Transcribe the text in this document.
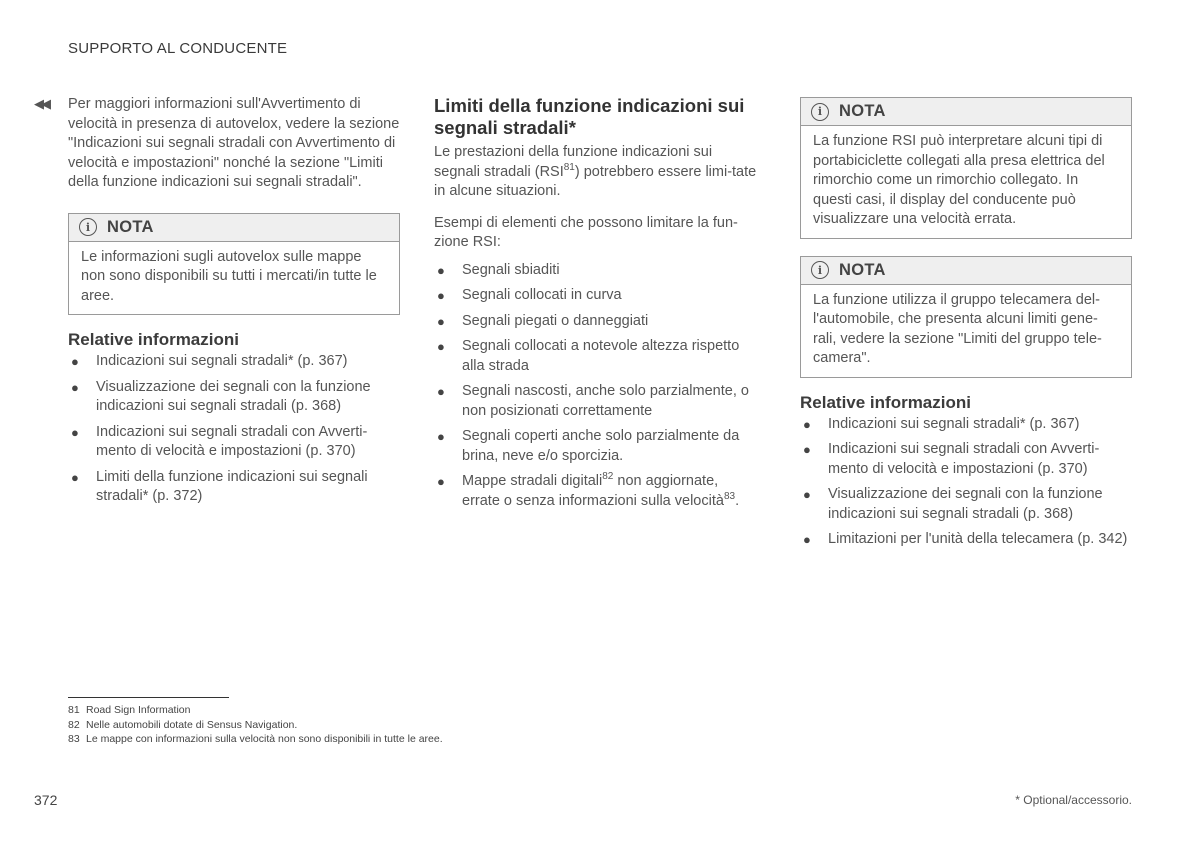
SUPPORTO AL CONDUCENTE
◀◀ Per maggiori informazioni sull'Avvertimento di velocità in presenza di autovelox, vedere la sezione "Indicazioni sui segnali stradali con Avvertimento di velocità e impostazioni" nonché la sezione "Limiti della funzione indicazioni sui segnali stradali".

i	NOTA
Le informazioni sugli autovelox sulle mappe non sono disponibili su tutti i mercati/in tutte le aree.
Relative informazioni
● Indicazioni sui segnali stradali* (p. 367)
● Visualizzazione dei segnali con la funzione indicazioni sui segnali stradali (p. 368)
● Indicazioni sui segnali stradali con Avverti-mento di velocità e impostazioni (p. 370)
● Limiti della funzione indicazioni sui segnali stradali* (p. 372)
Limiti della funzione indicazioni sui segnali stradali*

Le prestazioni della funzione indicazioni sui segnali stradali (RSI$^{81}$) potrebbero essere limi-tate in alcune situazioni.

Esempi di elementi che possono limitare la fun-zione RSI:

● Segnali sbiaditi
● Segnali collocati in curva
● Segnali piegati o danneggiati
● Segnali collocati a notevole altezza rispetto alla strada
● Segnali nascosti, anche solo parzialmente, o non posizionati correttamente
● Segnali coperti anche solo parzialmente da brina, neve e/o sporcizia.
● Mappe stradali digitali$^{82}$ non aggiornate, errate o senza informazioni sulla velocità$^{83}$.
i	NOTA
La funzione RSI può interpretare alcuni tipi di portabiciclette collegati alla presa elettrica del rimorchio come un rimorchio collegato. In questi casi, il display del conducente può visualizzare una velocità errata.
i	NOTA
La funzione utilizza il gruppo telecamera del-l'automobile, che presenta alcuni limiti gene-rali, vedere la sezione "Limiti del gruppo tele-camera".
Relative informazioni
● Indicazioni sui segnali stradali* (p. 367)
● Indicazioni sui segnali stradali con Avverti-mento di velocità e impostazioni (p. 370)
● Visualizzazione dei segnali con la funzione indicazioni sui segnali stradali (p. 368)
● Limitazioni per l'unità della telecamera (p. 342)
81 Road Sign Information
82 Nelle automobili dotate di Sensus Navigation.
83 Le mappe con informazioni sulla velocità non sono disponibili in tutte le aree.
372	* Optional/accessorio.
